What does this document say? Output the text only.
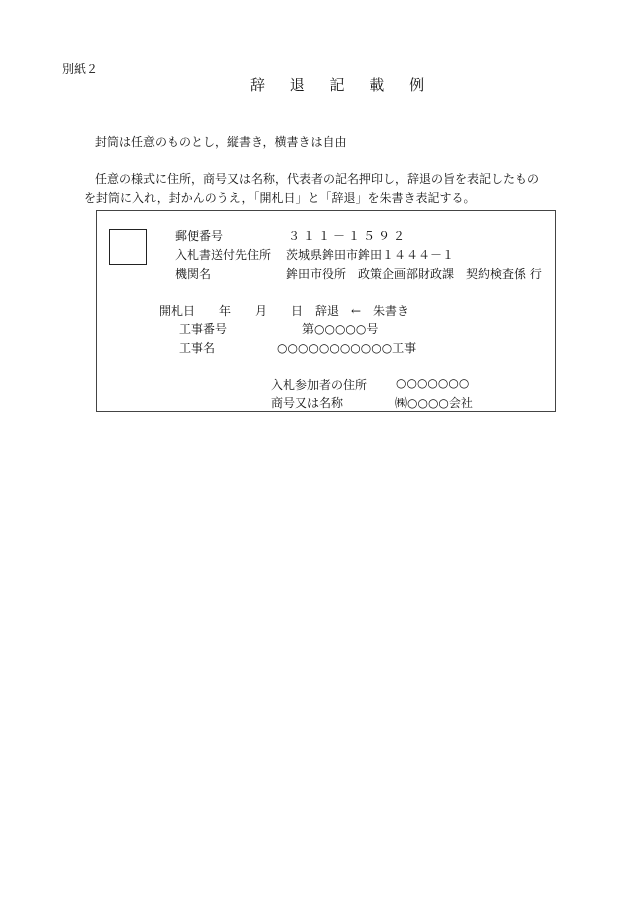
別紙２
辞 退 記 載 例
封筒は任意のものとし，縦書き，横書きは自由
任意の様式に住所，商号又は名称，代表者の記名押印し，辞退の旨を表記したもの
を封筒に入れ，封かんのうえ，「開札日」と「辞退」を朱書き表記する。
郵便番号	３１１－１５９２
入札書送付先住所 茨城県鉾田市鉾田１４４４－１
機関名	鉾田市役所　政策企画部財政課　契約検査係 行
開札日　　年　　月　　日　辞退　←　朱書き
工事番号	第○○○○○号
工事名	○○○○○○○○○○○工事
入札参加者の住所 ○○○○○○○
商号又は名称	㈱○○○○会社
